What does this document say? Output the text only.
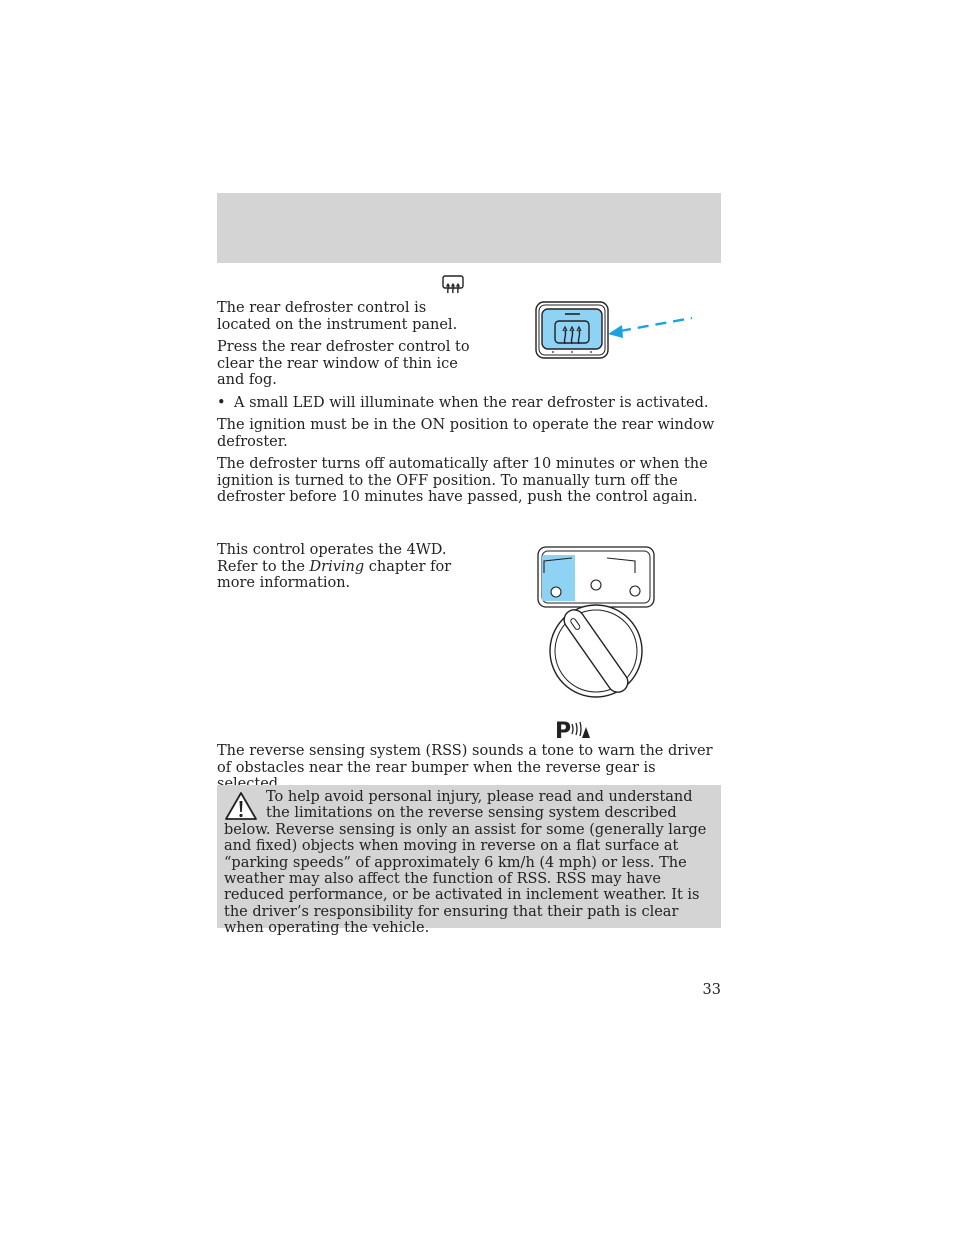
The rear defroster control is located on the instrument panel.
Press the rear defroster control to clear the rear window of thin ice and fog.
• A small LED will illuminate when the rear defroster is activated.
The ignition must be in the ON position to operate the rear window defroster.
The defroster turns off automatically after 10 minutes or when the ignition is turned to the OFF position. To manually turn off the defroster before 10 minutes have passed, push the control again.
This control operates the 4WD. Refer to the Driving chapter for more information.
P
The reverse sensing system (RSS) sounds a tone to warn the driver of obstacles near the rear bumper when the reverse gear is
To help avoid personal injury, please read and understand the limitations on the reverse sensing system described below. Reverse sensing is only an assist for some (generally large and fixed) objects when moving in reverse on a flat surface at “parking speeds” of approximately 6 km/h (4 mph) or less. The weather may also affect the function of RSS. RSS may have reduced performance, or be activated in inclement weather. It is the driver’s responsibility for ensuring that their path is clear when operating the vehicle.
33
